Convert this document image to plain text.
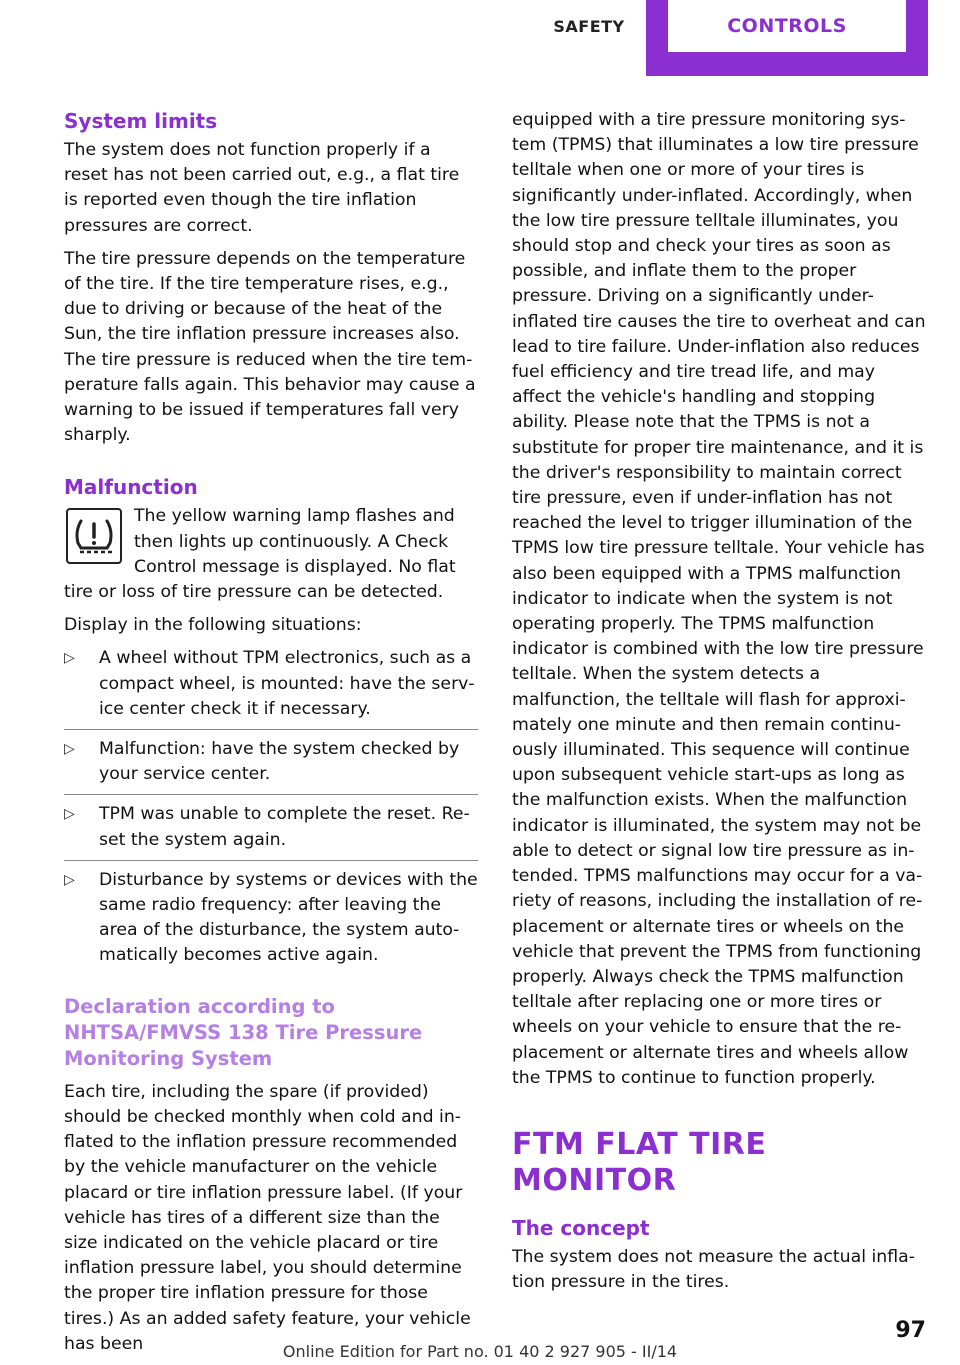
SAFETY	CONTROLS
System limits

The system does not function properly if a reset has not been carried out, e.g., a flat tire is reported even though the tire inflation pressures are correct.

The tire pressure depends on the temperature of the tire. If the tire temperature rises, e.g., due to driving or because of the heat of the Sun, the tire inflation pressure increases also. The tire pressure is reduced when the tire temperature falls again. This behavior may cause a warning to be issued if temperatures fall very sharply.

Malfunction

The yellow warning lamp flashes and then lights up continuously. A Check Control message is displayed. No flat tire or loss of tire pressure can be detected.

Display in the following situations:

▷ A wheel without TPM electronics, such as a compact wheel, is mounted: have the service center check it if necessary.
▷ Malfunction: have the system checked by your service center.
▷ TPM was unable to complete the reset. Reset the system again.
▷ Disturbance by systems or devices with the same radio frequency: after leaving the area of the disturbance, the system automatically becomes active again.
Declaration according to NHTSA/FMVSS 138 Tire Pressure Monitoring System

Each tire, including the spare (if provided) should be checked monthly when cold and inflated to the inflation pressure recommended by the vehicle manufacturer on the vehicle placard or tire inflation pressure label. (If your vehicle has tires of a different size than the size indicated on the vehicle placard or tire inflation pressure label, you should determine the proper tire inflation pressure for those tires.) As an added safety feature, your vehicle has been

equipped with a tire pressure monitoring system (TPMS) that illuminates a low tire pressure telltale when one or more of your tires is significantly under-inflated. Accordingly, when the low tire pressure telltale illuminates, you should stop and check your tires as soon as possible, and inflate them to the proper pressure. Driving on a significantly under-inflated tire causes the tire to overheat and can lead to tire failure. Under-inflation also reduces fuel efficiency and tire tread life, and may affect the vehicle's handling and stopping ability. Please note that the TPMS is not a substitute for proper tire maintenance, and it is the driver's responsibility to maintain correct tire pressure, even if under-inflation has not reached the level to trigger illumination of the TPMS low tire pressure telltale. Your vehicle has also been equipped with a TPMS malfunction indicator to indicate when the system is not operating properly. The TPMS malfunction indicator is combined with the low tire pressure telltale. When the system detects a malfunction, the telltale will flash for approximately one minute and then remain continuously illuminated. This sequence will continue upon subsequent vehicle start-ups as long as the malfunction exists. When the malfunction indicator is illuminated, the system may not be able to detect or signal low tire pressure as intended. TPMS malfunctions may occur for a variety of reasons, including the installation of replacement or alternate tires or wheels on the vehicle that prevent the TPMS from functioning properly. Always check the TPMS malfunction telltale after replacing one or more tires or wheels on your vehicle to ensure that the replacement or alternate tires and wheels allow the TPMS to continue to function properly.

FTM FLAT TIRE MONITOR
The concept

The system does not measure the actual inflation pressure in the tires.

97
Online Edition for Part no. 01 40 2 927 905 - II/14
